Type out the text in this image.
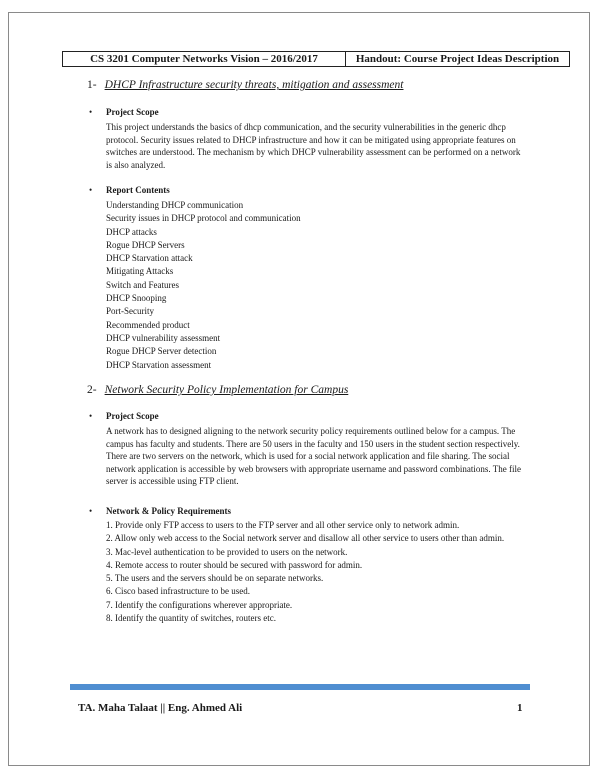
CS 3201 Computer Networks Vision – 2016/2017	Handout: Course Project Ideas Description
1- DHCP Infrastructure security threats, mitigation and assessment
• Project Scope
This project understands the basics of dhcp communication, and the security vulnerabilities in the generic dhcp protocol. Security issues related to DHCP infrastructure and how it can be mitigated using appropriate features on switches are understood. The mechanism by which DHCP vulnerability assessment can be performed on a network is also analyzed.
• Report Contents
Understanding DHCP communication
Security issues in DHCP protocol and communication
DHCP attacks
Rogue DHCP Servers
DHCP Starvation attack
Mitigating Attacks
Switch and Features
DHCP Snooping
Port-Security
Recommended product
DHCP vulnerability assessment
Rogue DHCP Server detection
DHCP Starvation assessment
2- Network Security Policy Implementation for Campus
• Project Scope
A network has to designed aligning to the network security policy requirements outlined below for a campus. The campus has faculty and students. There are 50 users in the faculty and 150 users in the student section respectively. There are two servers on the network, which is used for a social network application and file sharing. The social network application is accessible by web browsers with appropriate username and password combinations. The file server is accessible using FTP client.
• Network & Policy Requirements
1. Provide only FTP access to users to the FTP server and all other service only to network admin.
2. Allow only web access to the Social network server and disallow all other service to users other than admin.
3. Mac-level authentication to be provided to users on the network.
4. Remote access to router should be secured with password for admin.
5. The users and the servers should be on separate networks.
6. Cisco based infrastructure to be used.
7. Identify the configurations wherever appropriate.
8. Identify the quantity of switches, routers etc.
TA. Maha Talaat || Eng. Ahmed Ali	1
